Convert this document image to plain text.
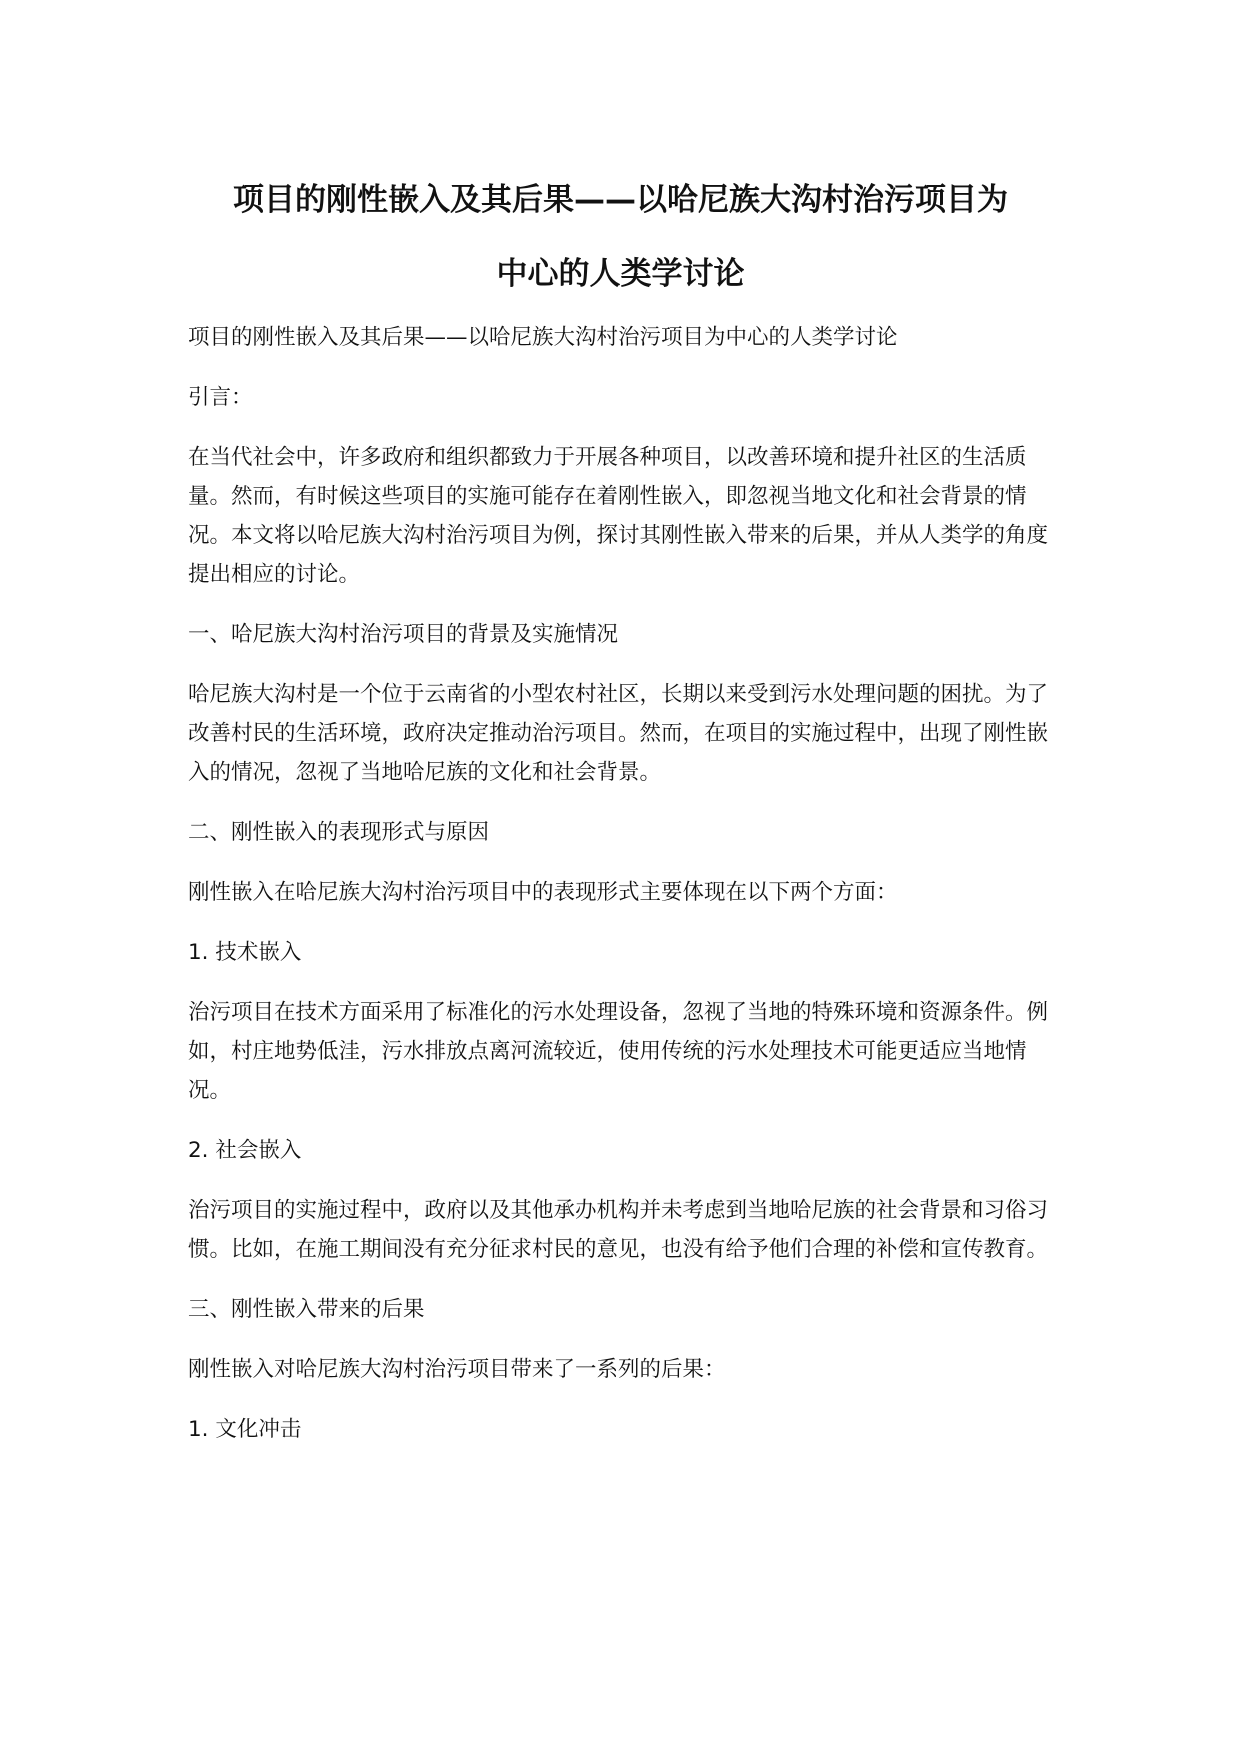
项目的刚性嵌入及其后果——以哈尼族大沟村治污项目为
中心的人类学讨论

项目的刚性嵌入及其后果——以哈尼族大沟村治污项目为中心的人类学讨论

引言：

在当代社会中，许多政府和组织都致力于开展各种项目，以改善环境和提升社区的生活质量。然而，有时候这些项目的实施可能存在着刚性嵌入，即忽视当地文化和社会背景的情况。本文将以哈尼族大沟村治污项目为例，探讨其刚性嵌入带来的后果，并从人类学的角度提出相应的讨论。

一、哈尼族大沟村治污项目的背景及实施情况

哈尼族大沟村是一个位于云南省的小型农村社区，长期以来受到污水处理问题的困扰。为了改善村民的生活环境，政府决定推动治污项目。然而，在项目的实施过程中，出现了刚性嵌入的情况，忽视了当地哈尼族的文化和社会背景。

二、刚性嵌入的表现形式与原因

刚性嵌入在哈尼族大沟村治污项目中的表现形式主要体现在以下两个方面：

1. 技术嵌入

治污项目在技术方面采用了标准化的污水处理设备，忽视了当地的特殊环境和资源条件。例如，村庄地势低洼，污水排放点离河流较近，使用传统的污水处理技术可能更适应当地情况。

2. 社会嵌入

治污项目的实施过程中，政府以及其他承办机构并未考虑到当地哈尼族的社会背景和习俗习惯。比如，在施工期间没有充分征求村民的意见，也没有给予他们合理的补偿和宣传教育。

三、刚性嵌入带来的后果

刚性嵌入对哈尼族大沟村治污项目带来了一系列的后果：

1. 文化冲击
